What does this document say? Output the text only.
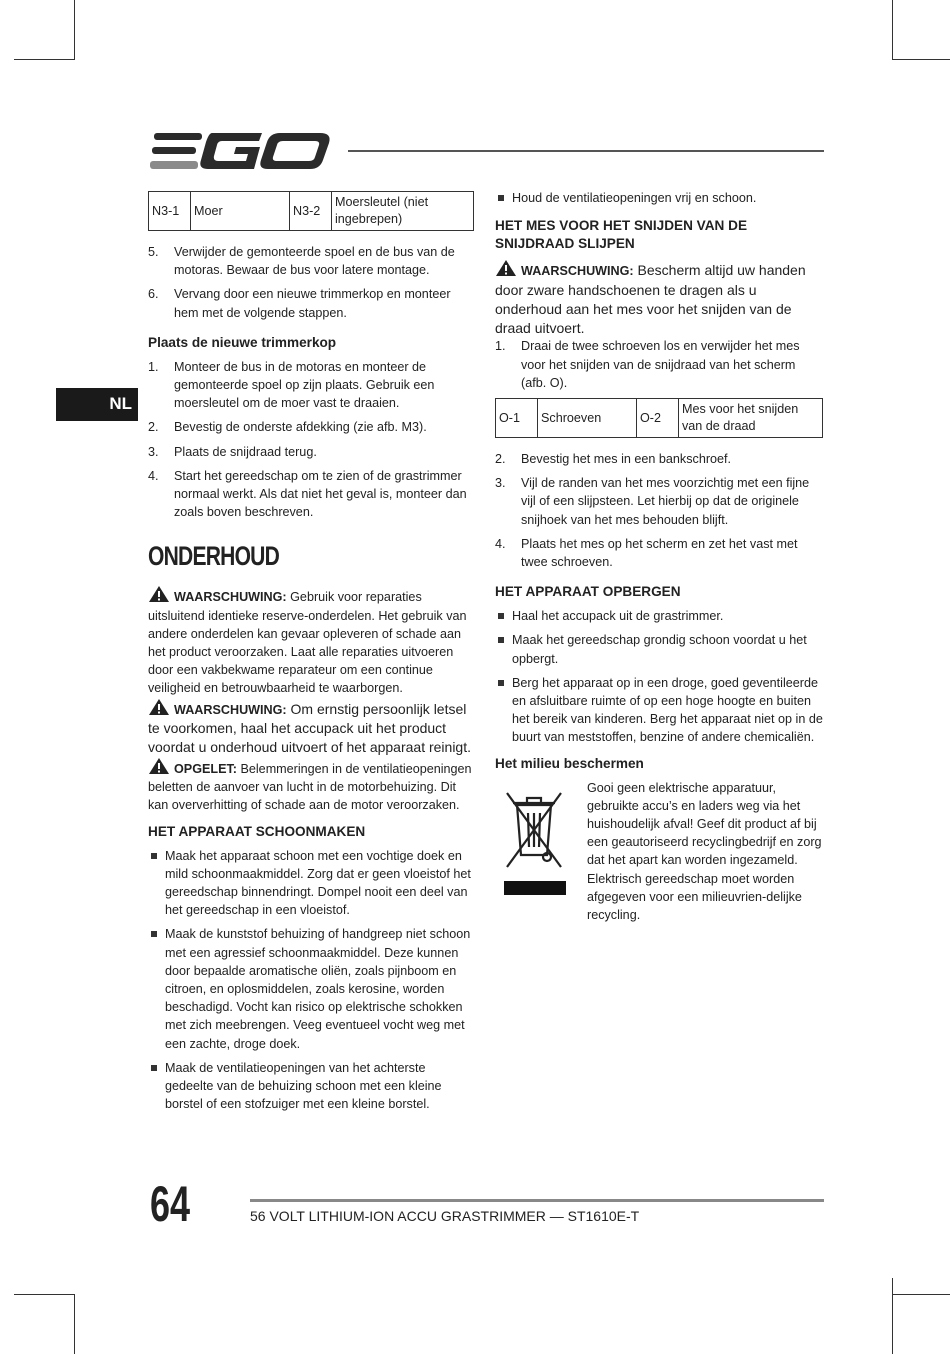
NL
N3-1	Moer	N3-2	Moersleutel (niet ingebrepen)
5. Verwijder de gemonteerde spoel en de bus van de motoras. Bewaar de bus voor latere montage.
6. Vervang door een nieuwe trimmerkop en monteer hem met de volgende stappen.
Plaats de nieuwe trimmerkop
1. Monteer de bus in de motoras en monteer de gemonteerde spoel op zijn plaats. Gebruik een moersleutel om de moer vast te draaien.
2. Bevestig de onderste afdekking (zie afb. M3).
3. Plaats de snijdraad terug.
4. Start het gereedschap om te zien of de grastrimmer normaal werkt. Als dat niet het geval is, monteer dan zoals boven beschreven.
ONDERHOUD

WAARSCHUWING: Gebruik voor reparaties uitsluitend identieke reserve-onderdelen. Het gebruik van andere onderdelen kan gevaar opleveren of schade aan het product veroorzaken. Laat alle reparaties uitvoeren door een vakbekwame reparateur om een continue veiligheid en betrouwbaarheid te waarborgen.

WAARSCHUWING: Om ernstig persoonlijk letsel te voorkomen, haal het accupack uit het product voordat u onderhoud uitvoert of het apparaat reinigt.

OPGELET: Belemmeringen in de ventilatieopeningen beletten de aanvoer van lucht in de motorbehuizing. Dit kan oververhitting of schade aan de motor veroorzaken.

HET APPARAAT SCHOONMAKEN
Maak het apparaat schoon met een vochtige doek en mild schoonmaakmiddel. Zorg dat er geen vloeistof het gereedschap binnendringt. Dompel nooit een deel van het gereedschap in een vloeistof.
Maak de kunststof behuizing of handgreep niet schoon met een agressief schoonmaakmiddel. Deze kunnen door bepaalde aromatische oliën, zoals pijnboom en citroen, en oplosmiddelen, zoals kerosine, worden beschadigd. Vocht kan risico op elektrische schokken met zich meebrengen. Veeg eventueel vocht weg met een zachte, droge doek.
Maak de ventilatieopeningen van het achterste gedeelte van de behuizing schoon met een kleine borstel of een stofzuiger met een kleine borstel.
Houd de ventilatieopeningen vrij en schoon.
HET MES VOOR HET SNIJDEN VAN DE SNIJDRAAD SLIJPEN

WAARSCHUWING: Bescherm altijd uw handen door zware handschoenen te dragen als u onderhoud aan het mes voor het snijden van de draad uitvoert.

1. Draai de twee schroeven los en verwijder het mes voor het snijden van de snijdraad van het scherm (afb. O).
O-1	Schroeven	O-2	Mes voor het snijden van de draad
2. Bevestig het mes in een bankschroef.
3. Vijl de randen van het mes voorzichtig met een fijne vijl of een slijpsteen. Let hierbij op dat de originele snijhoek van het mes behouden blijft.
4. Plaats het mes op het scherm en zet het vast met twee schroeven.
HET APPARAAT OPBERGEN
Haal het accupack uit de grastrimmer.
Maak het gereedschap grondig schoon voordat u het opbergt.
Berg het apparaat op in een droge, goed geventileerde en afsluitbare ruimte of op een hoge hoogte en buiten het bereik van kinderen. Berg het apparaat niet op in de buurt van meststoffen, benzine of andere chemicaliën.
Het milieu beschermen

Gooi geen elektrische apparatuur, gebruikte accu’s en laders weg via het huishoudelijk afval! Geef dit product af bij een geautoriseerd recyclingbedrijf en zorg dat het apart kan worden ingezameld. Elektrisch gereedschap moet worden afgegeven voor een milieuvrien-delijke recycling.

64	56 VOLT LITHIUM-ION ACCU GRASTRIMMER — ST1610E-T
